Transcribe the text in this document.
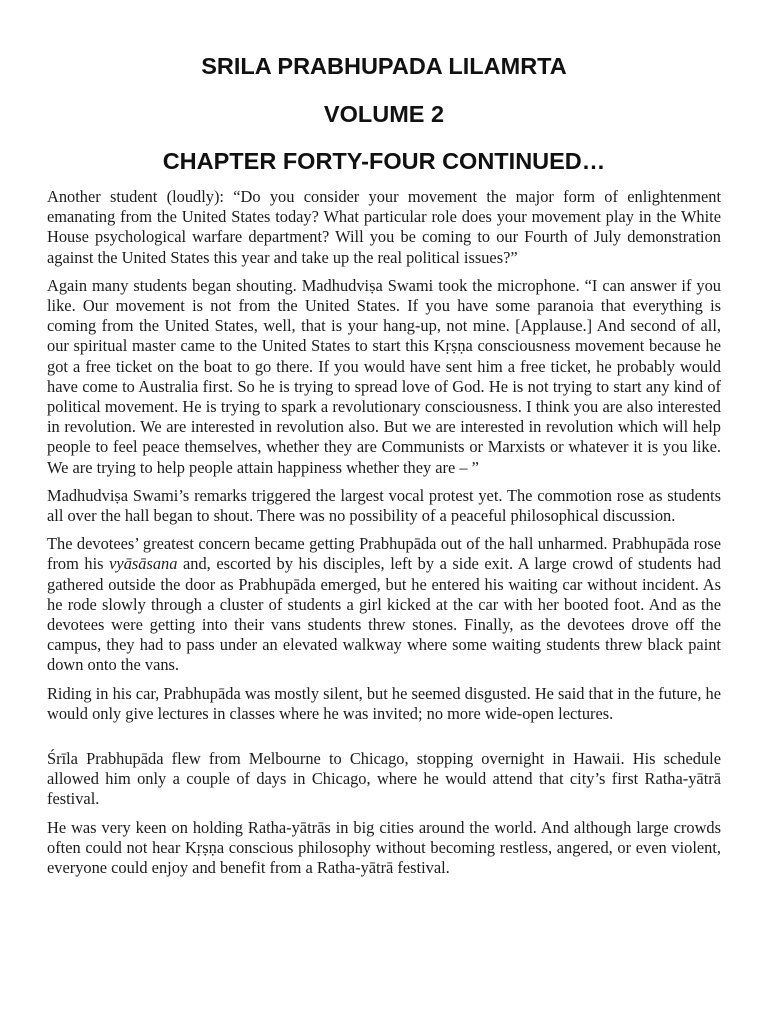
SRILA PRABHUPADA LILAMRTA
VOLUME 2
CHAPTER FORTY-FOUR CONTINUED…

Another student (loudly): “Do you consider your movement the major form of enlightenment emanating from the United States today? What particular role does your movement play in the White House psychological warfare department? Will you be coming to our Fourth of July demonstration against the United States this year and take up the real political issues?”

Again many students began shouting. Madhudviṣa Swami took the microphone. “I can answer if you like. Our movement is not from the United States. If you have some paranoia that everything is coming from the United States, well, that is your hang-up, not mine. [Applause.] And second of all, our spiritual master came to the United States to start this Kṛṣṇa consciousness movement because he got a free ticket on the boat to go there. If you would have sent him a free ticket, he probably would have come to Australia first. So he is trying to spread love of God. He is not trying to start any kind of political movement. He is trying to spark a revolutionary consciousness. I think you are also interested in revolution. We are interested in revolution also. But we are interested in revolution which will help people to feel peace themselves, whether they are Communists or Marxists or whatever it is you like. We are trying to help people attain happiness whether they are – ”

Madhudviṣa Swami’s remarks triggered the largest vocal protest yet. The commotion rose as students all over the hall began to shout. There was no possibility of a peaceful philosophical discussion.

The devotees’ greatest concern became getting Prabhupāda out of the hall unharmed. Prabhupāda rose from his vyāsāsana and, escorted by his disciples, left by a side exit. A large crowd of students had gathered outside the door as Prabhupāda emerged, but he entered his waiting car without incident. As he rode slowly through a cluster of students a girl kicked at the car with her booted foot. And as the devotees were getting into their vans students threw stones. Finally, as the devotees drove off the campus, they had to pass under an elevated walkway where some waiting students threw black paint down onto the vans.

Riding in his car, Prabhupāda was mostly silent, but he seemed disgusted. He said that in the future, he would only give lectures in classes where he was invited; no more wide-open lectures.

Śrīla Prabhupāda flew from Melbourne to Chicago, stopping overnight in Hawaii. His schedule allowed him only a couple of days in Chicago, where he would attend that city’s first Ratha-yātrā festival.

He was very keen on holding Ratha-yātrās in big cities around the world. And although large crowds often could not hear Kṛṣṇa conscious philosophy without becoming restless, angered, or even violent, everyone could enjoy and benefit from a Ratha-yātrā festival.
